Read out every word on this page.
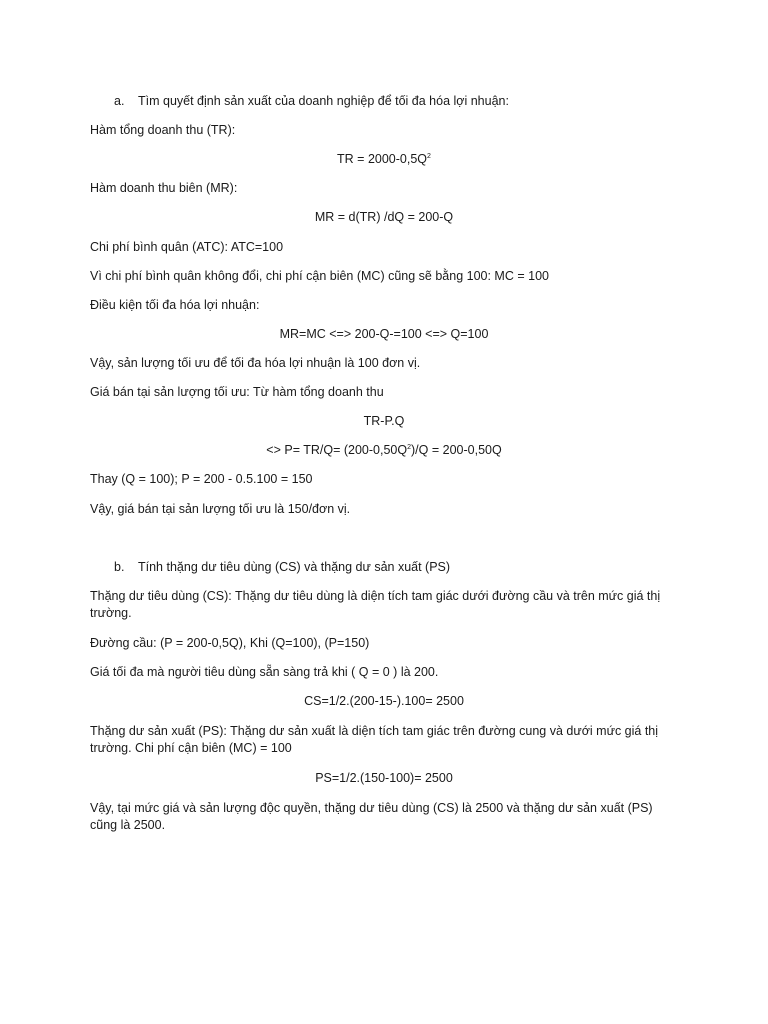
a. Tìm quyết định sản xuất của doanh nghiệp để tối đa hóa lợi nhuận:
Hàm tổng doanh thu (TR):
TR = $2000-0,5Q^2$
Hàm doanh thu biên (MR):
MR = d(TR) /dQ = 200-Q
Chi phí bình quân (ATC): ATC=100
Vì chi phí bình quân không đổi, chi phí cận biên (MC) cũng sẽ bằng 100: MC = 100
Điều kiện tối đa hóa lợi nhuận:
MR=MC <=> 200-Q-=100 <=> Q=100
Vậy, sản lượng tối ưu để tối đa hóa lợi nhuận là 100 đơn vị.
Giá bán tại sản lượng tối ưu: Từ hàm tổng doanh thu
TR-P.Q
<> $P= TR/Q= (200-0,50Q^2)/Q = 200-0,50Q$
Thay (Q = 100); P = 200 - 0.5.100 = 150
Vậy, giá bán tại sản lượng tối ưu là 150/đơn vị.
b. Tính thặng dư tiêu dùng (CS) và thặng dư sản xuất (PS)
Thặng dư tiêu dùng (CS): Thặng dư tiêu dùng là diện tích tam giác dưới đường cầu và trên mức giá thị trường.
Đường cầu: (P = 200-0,5Q), Khi (Q=100), (P=150)
Giá tối đa mà người tiêu dùng sẵn sàng trả khi ( Q = 0 ) là 200.
CS=1/2.(200-15-).100= 2500
Thặng dư sản xuất (PS): Thặng dư sản xuất là diện tích tam giác trên đường cung và dưới mức giá thị trường. Chi phí cận biên (MC) = 100
PS=1/2.(150-100)= 2500
Vậy, tại mức giá và sản lượng độc quyền, thặng dư tiêu dùng (CS) là 2500 và thặng dư sản xuất (PS) cũng là 2500.
